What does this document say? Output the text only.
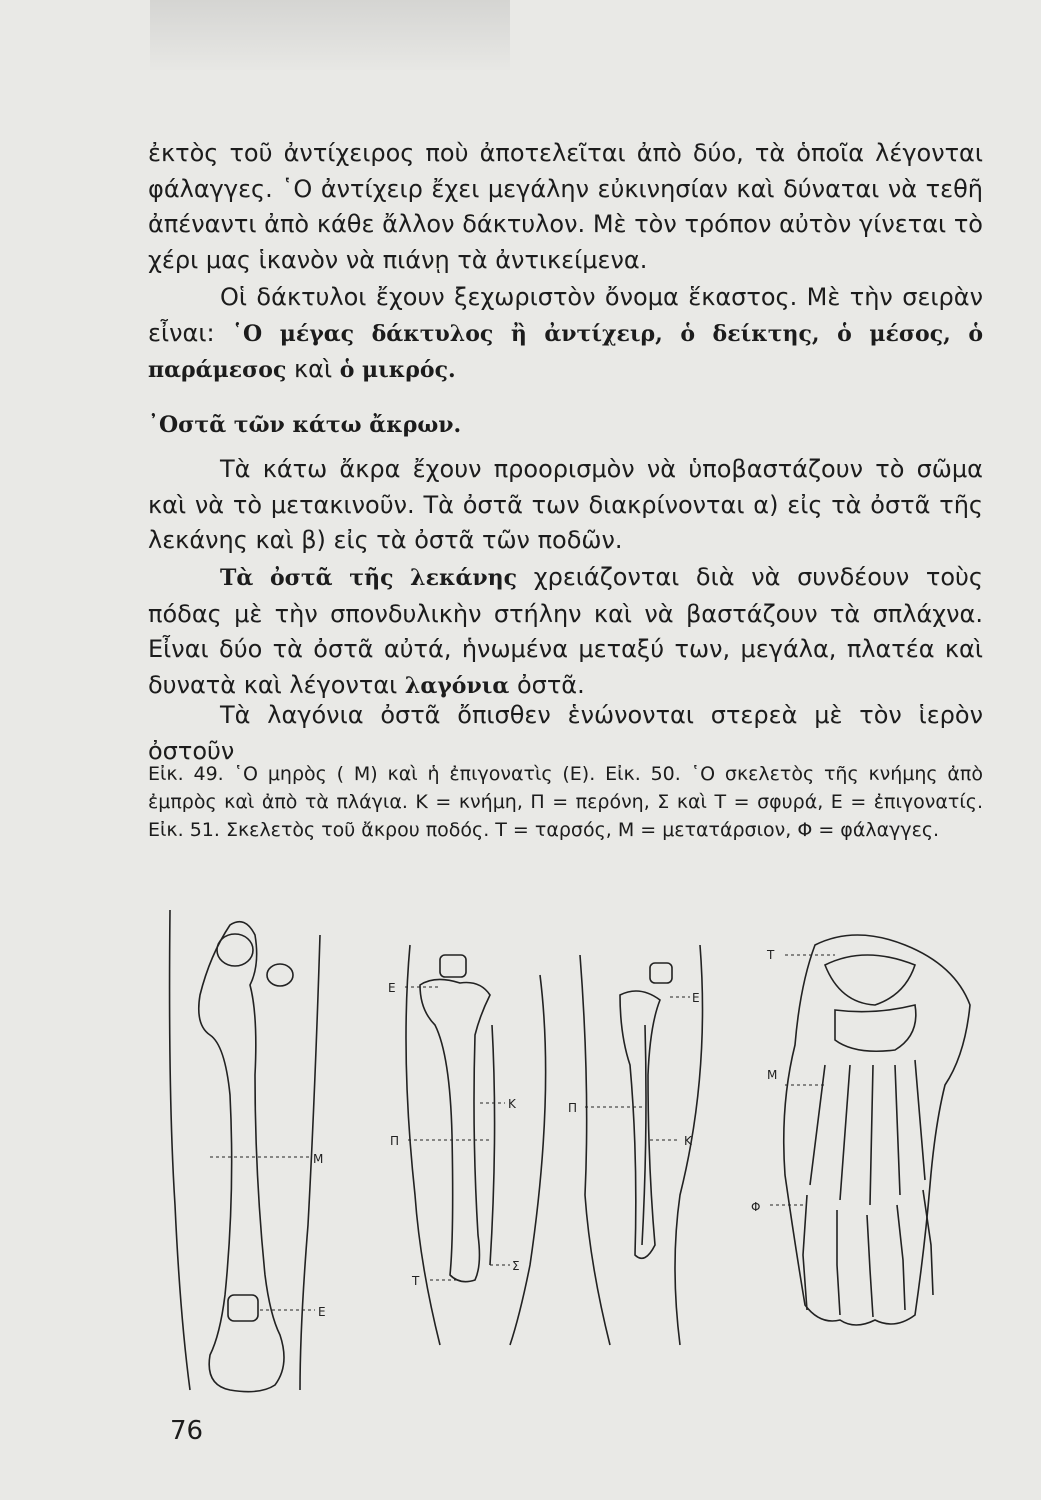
ἐκτὸς τοῦ ἀντίχειρος ποὺ ἀποτελεῖται ἀπὸ δύο, τὰ ὁποῖα λέγονται φάλαγγες. ῾Ο ἀντίχειρ ἔχει μεγάλην εὐκινησίαν καὶ δύναται νὰ τεθῆ ἀπέναντι ἀπὸ κάθε ἄλλον δάκτυλον. Μὲ τὸν τρόπον αὐτὸν γίνεται τὸ χέρι μας ἱκανὸν νὰ πιάνῃ τὰ ἀντικείμενα.

Οἱ δάκτυλοι ἔχουν ξεχωριστὸν ὄνομα ἕκαστος. Μὲ τὴν σειρὰν εἶναι: ῾Ο μέγας δάκτυλος ἢ ἀντίχειρ, ὁ δείκτης, ὁ μέσος, ὁ παράμεσος καὶ ὁ μικρός.

᾿Οστᾶ τῶν κάτω ἄκρων.

Τὰ κάτω ἄκρα ἔχουν προορισμὸν νὰ ὑποβαστάζουν τὸ σῶμα καὶ νὰ τὸ μετακινοῦν. Τὰ ὀστᾶ των διακρίνονται α) εἰς τὰ ὀστᾶ τῆς λεκάνης καὶ β) εἰς τὰ ὀστᾶ τῶν ποδῶν.

Τὰ ὀστᾶ τῆς λεκάνης χρειάζονται διὰ νὰ συνδέουν τοὺς πόδας μὲ τὴν σπονδυλικὴν στήλην καὶ νὰ βαστάζουν τὰ σπλάχνα. Εἶναι δύο τὰ ὀστᾶ αὐτά, ἡνωμένα μεταξύ των, μεγάλα, πλατέα καὶ δυνατὰ καὶ λέγονται λαγόνια ὀστᾶ.

Τὰ λαγόνια ὀστᾶ ὄπισθεν ἑνώνονται στερεὰ μὲ τὸν ἱερὸν ὀστοῦν

Εἰκ. 49. ῾Ο μηρὸς ( Μ) καὶ ἡ ἐπιγονατὶς (Ε). Εἰκ. 50. ῾Ο σκελετὸς τῆς κνήμης ἀπὸ ἐμπρὸς καὶ ἀπὸ τὰ πλάγια. Κ = κνήμη, Π = περόνη, Σ καὶ Τ = σφυρά, Ε = ἐπιγονατίς. Εἰκ. 51. Σκελετὸς τοῦ ἄκρου ποδός. Τ = ταρσός, Μ = μετατάρσιον, Φ = φάλαγγες.

Μ
Ε
Ε
Κ
Π
Σ
Τ
Ε
Π
Κ
Τ
Μ
Φ
76
